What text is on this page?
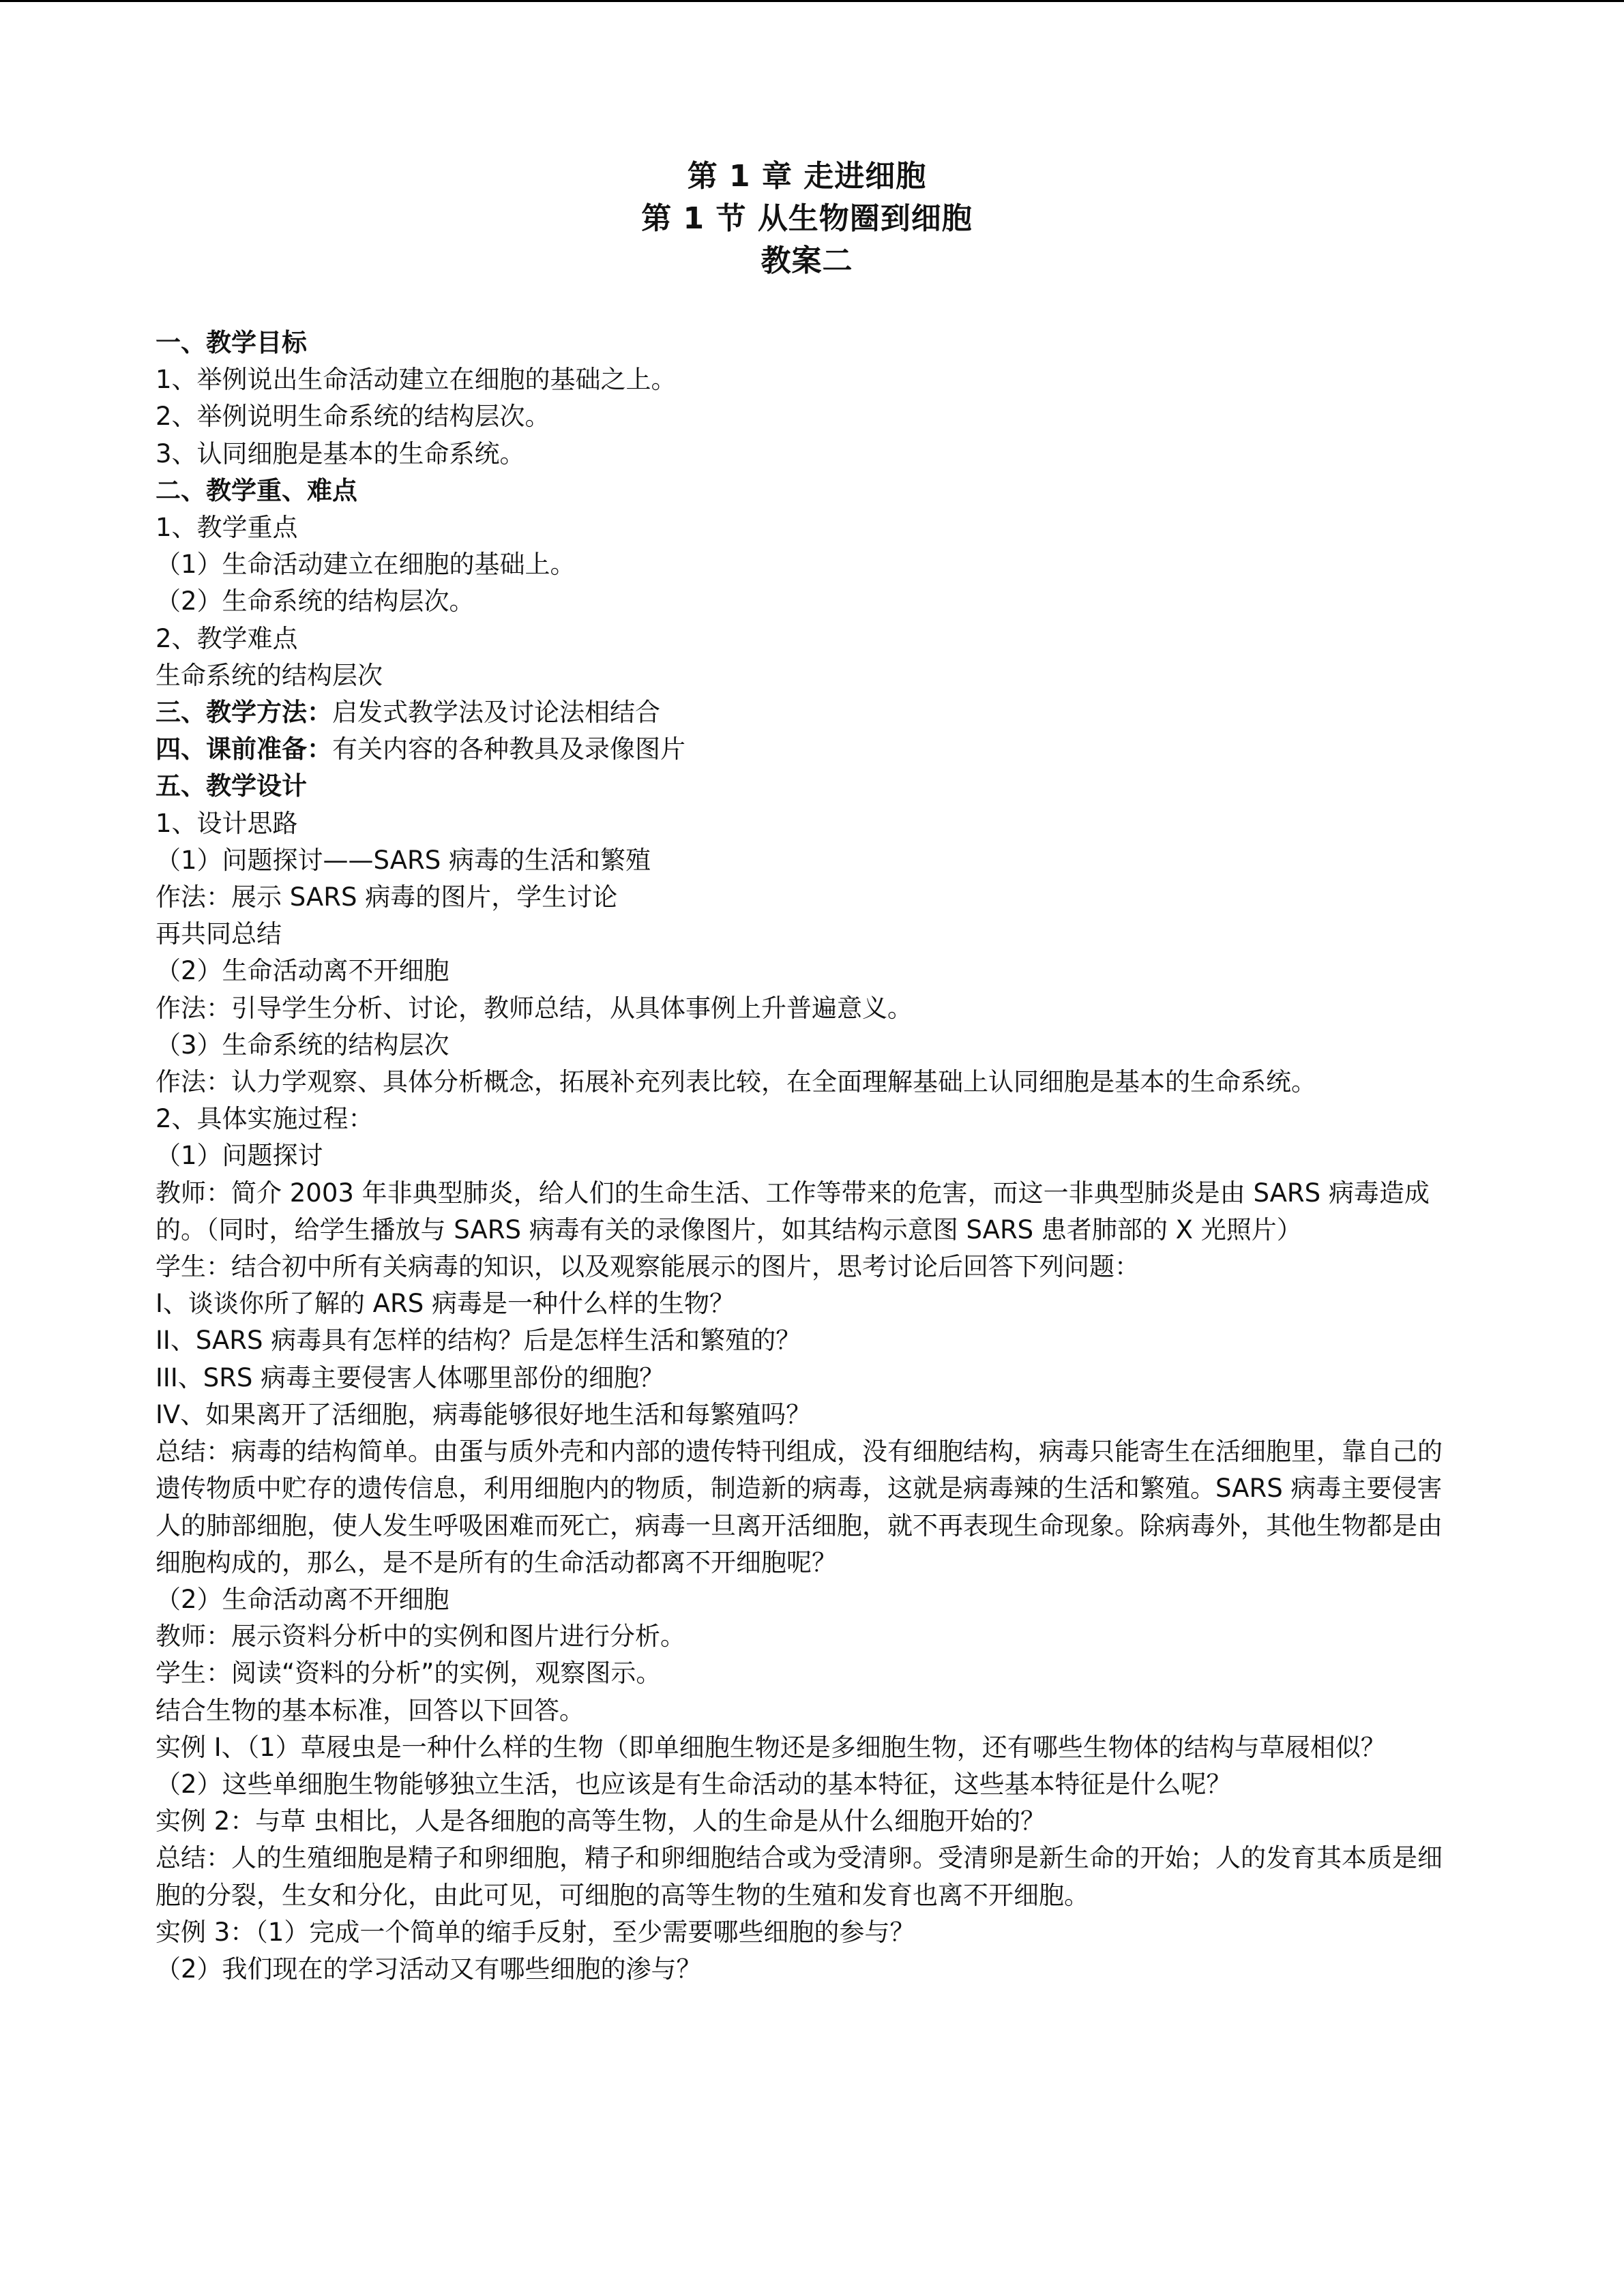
第 1 章 走进细胞
第 1 节 从生物圈到细胞
教案二
一、教学目标
1、举例说出生命活动建立在细胞的基础之上。
2、举例说明生命系统的结构层次。
3、认同细胞是基本的生命系统。
二、教学重、难点
1、教学重点
（1）生命活动建立在细胞的基础上。
（2）生命系统的结构层次。
2、教学难点
生命系统的结构层次
三、教学方法：启发式教学法及讨论法相结合
四、课前准备：有关内容的各种教具及录像图片
五、教学设计
1、设计思路
（1）问题探讨——SARS 病毒的生活和繁殖
作法：展示 SARS 病毒的图片，学生讨论
再共同总结
（2）生命活动离不开细胞
作法：引导学生分析、讨论，教师总结，从具体事例上升普遍意义。
（3）生命系统的结构层次
作法：认力学观察、具体分析概念，拓展补充列表比较，在全面理解基础上认同细胞是基本的生命系统。
2、具体实施过程：
（1）问题探讨
教师：简介 2003 年非典型肺炎，给人们的生命生活、工作等带来的危害，而这一非典型肺炎是由 SARS 病毒造成的。（同时，给学生播放与 SARS 病毒有关的录像图片，如其结构示意图 SARS 患者肺部的 X 光照片）
学生：结合初中所有关病毒的知识，以及观察能展示的图片，思考讨论后回答下列问题：
I、谈谈你所了解的 ARS 病毒是一种什么样的生物？
II、SARS 病毒具有怎样的结构？后是怎样生活和繁殖的？
III、SRS 病毒主要侵害人体哪里部份的细胞？
IV、如果离开了活细胞，病毒能够很好地生活和每繁殖吗？
总结：病毒的结构简单。由蛋与质外壳和内部的遗传特刊组成，没有细胞结构，病毒只能寄生在活细胞里，靠自己的遗传物质中贮存的遗传信息，利用细胞内的物质，制造新的病毒，这就是病毒辣的生活和繁殖。SARS 病毒主要侵害人的肺部细胞，使人发生呼吸困难而死亡，病毒一旦离开活细胞，就不再表现生命现象。除病毒外，其他生物都是由细胞构成的，那么，是不是所有的生命活动都离不开细胞呢？
（2）生命活动离不开细胞
教师：展示资料分析中的实例和图片进行分析。
学生：阅读“资料的分析”的实例，观察图示。
结合生物的基本标准，回答以下回答。
实例 I、（1）草屐虫是一种什么样的生物（即单细胞生物还是多细胞生物，还有哪些生物体的结构与草屐相似？
（2）这些单细胞生物能够独立生活，也应该是有生命活动的基本特征，这些基本特征是什么呢？
实例 2：与草 虫相比，人是各细胞的高等生物，人的生命是从什么细胞开始的？
总结：人的生殖细胞是精子和卵细胞，精子和卵细胞结合或为受清卵。受清卵是新生命的开始；人的发育其本质是细胞的分裂，生女和分化，由此可见，可细胞的高等生物的生殖和发育也离不开细胞。
实例 3：（1）完成一个简单的缩手反射，至少需要哪些细胞的参与？
（2）我们现在的学习活动又有哪些细胞的渗与？
